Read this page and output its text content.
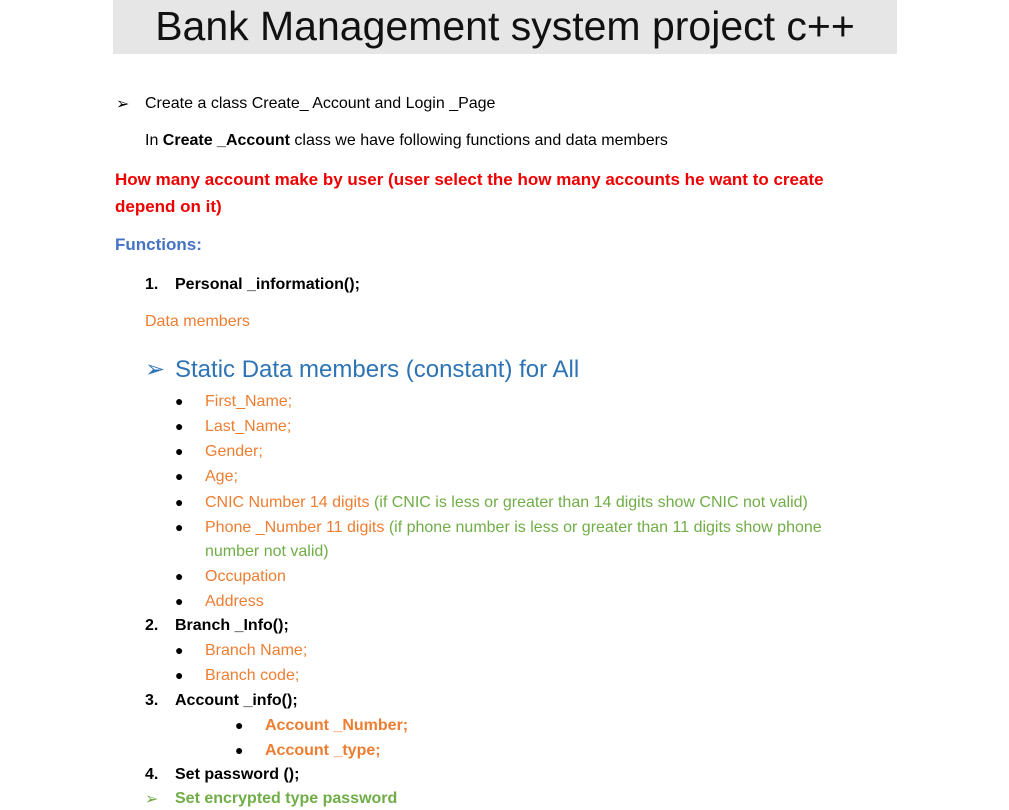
Bank Management system project c++
➢ Create a class Create_ Account and Login _Page
In Create _Account class we have following functions and data members
How many account make by user (user select the how many accounts he want to create depend on it)
Functions:
1. Personal _information();
Data members
➢ Static Data members (constant) for All
● First_Name;
● Last_Name;
● Gender;
● Age;
● CNIC Number 14 digits (if CNIC is less or greater than 14 digits show CNIC not valid)
● Phone _Number 11 digits (if phone number is less or greater than 11 digits show phone
number not valid)
● Occupation
● Address
2. Branch _Info();
● Branch Name;
● Branch code;
3. Account _info();
● Account _Number;
● Account _type;
4. Set password ();
➢ Set encrypted type password
